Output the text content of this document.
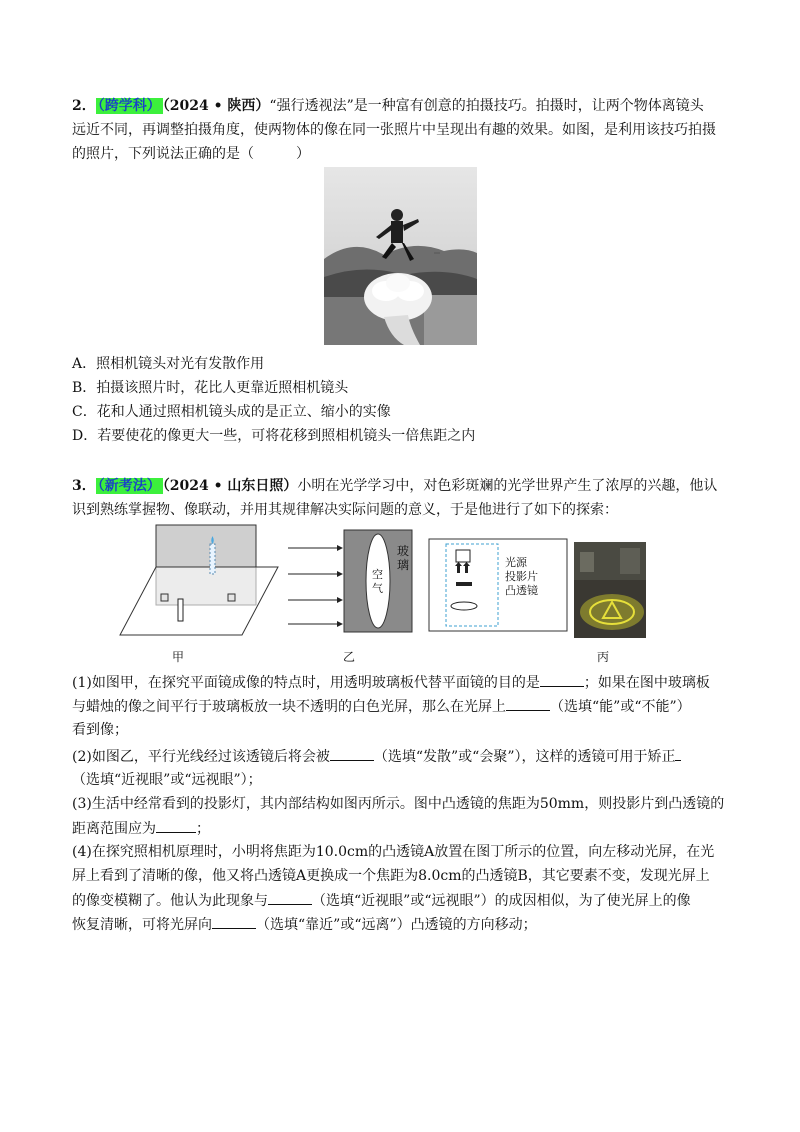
2． （跨学科） （2024 • 陕西）“强行透视法”是一种富有创意的拍摄技巧。拍摄时，让两个物体离镜头
远近不同，再调整拍摄角度，使两物体的像在同一张照片中呈现出有趣的效果。如图，是利用该技巧拍摄
的照片，下列说法正确的是（　　　）
A．照相机镜头对光有发散作用
B．拍摄该照片时，花比人更靠近照相机镜头
C．花和人通过照相机镜头成的是正立、缩小的实像
D．若要使花的像更大一些，可将花移到照相机镜头一倍焦距之内
3． （新考法） （2024 • 山东日照）小明在光学学习中，对色彩斑斓的光学世界产生了浓厚的兴趣，他认
识到熟练掌握物、像联动，并用其规律解决实际问题的意义，于是他进行了如下的探索：
甲
玻璃
空气
乙
光源
投影片
凸透镜
丙
(1)如图甲，在探究平面镜成像的特点时，用透明玻璃板代替平面镜的目的是	；如果在图中玻璃板
与蜡烛的像之间平行于玻璃板放一块不透明的白色光屏，那么在光屏上	（选填“能”或“不能”）
看到像；
(2)如图乙，平行光线经过该透镜后将会被	（选填“发散”或“会聚”），这样的透镜可用于矫正
（选填“近视眼”或“远视眼”）；
(3)生活中经常看到的投影灯，其内部结构如图丙所示。图中凸透镜的焦距为50mm，则投影片到凸透镜的
距离范围应为	；
(4)在探究照相机原理时，小明将焦距为10.0cm的凸透镜A放置在图丁所示的位置，向左移动光屏，在光
屏上看到了清晰的像，他又将凸透镜A更换成一个焦距为8.0cm的凸透镜B，其它要素不变，发现光屏上
的像变模糊了。他认为此现象与	（选填“近视眼”或“远视眼”）的成因相似，为了使光屏上的像
恢复清晰，可将光屏向	（选填“靠近”或“远离”）凸透镜的方向移动；
